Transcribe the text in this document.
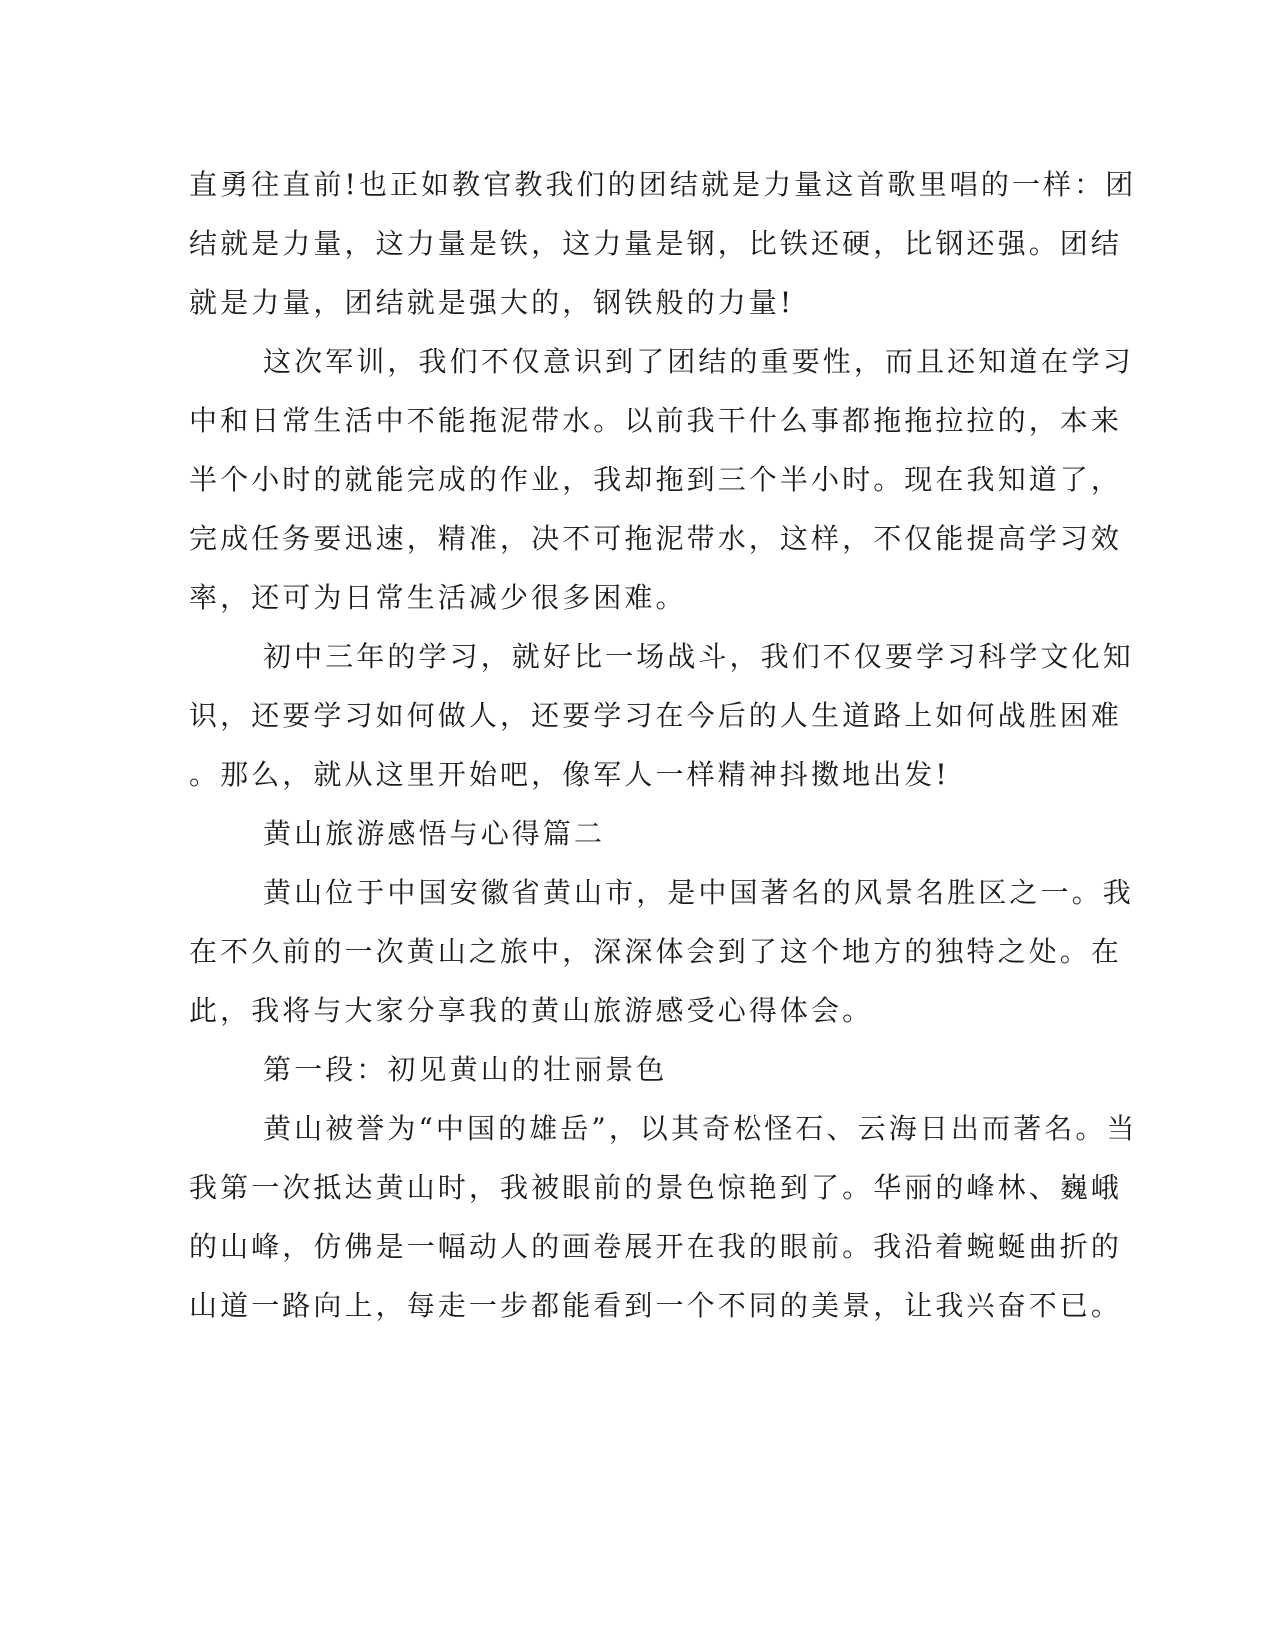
直勇往直前!也正如教官教我们的团结就是力量这首歌里唱的一样：团
结就是力量，这力量是铁，这力量是钢，比铁还硬，比钢还强。团结
就是力量，团结就是强大的，钢铁般的力量!
这次军训，我们不仅意识到了团结的重要性，而且还知道在学习
中和日常生活中不能拖泥带水。以前我干什么事都拖拖拉拉的，本来
半个小时的就能完成的作业，我却拖到三个半小时。现在我知道了，
完成任务要迅速，精准，决不可拖泥带水，这样，不仅能提高学习效
率，还可为日常生活减少很多困难。
初中三年的学习，就好比一场战斗，我们不仅要学习科学文化知
识，还要学习如何做人，还要学习在今后的人生道路上如何战胜困难
。那么，就从这里开始吧，像军人一样精神抖擞地出发!
黄山旅游感悟与心得篇二
黄山位于中国安徽省黄山市，是中国著名的风景名胜区之一。我
在不久前的一次黄山之旅中，深深体会到了这个地方的独特之处。在
此，我将与大家分享我的黄山旅游感受心得体会。
第一段：初见黄山的壮丽景色
黄山被誉为“中国的雄岳”，以其奇松怪石、云海日出而著名。当
我第一次抵达黄山时，我被眼前的景色惊艳到了。华丽的峰林、巍峨
的山峰，仿佛是一幅动人的画卷展开在我的眼前。我沿着蜿蜒曲折的
山道一路向上，每走一步都能看到一个不同的美景，让我兴奋不已。
